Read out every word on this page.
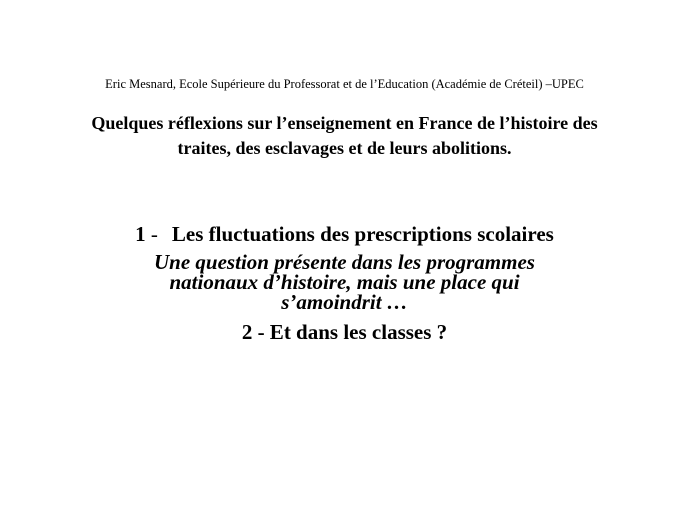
Eric Mesnard, Ecole Supérieure du Professorat et de l’Education (Académie de Créteil) –UPEC
Quelques réflexions sur l’enseignement en France de l’histoire des
traites, des esclavages et de leurs abolitions.
1 - Les fluctuations des prescriptions scolaires
Une question présente dans les programmes
nationaux d’histoire, mais une place qui
s’amoindrit …
2 - Et dans les classes ?
